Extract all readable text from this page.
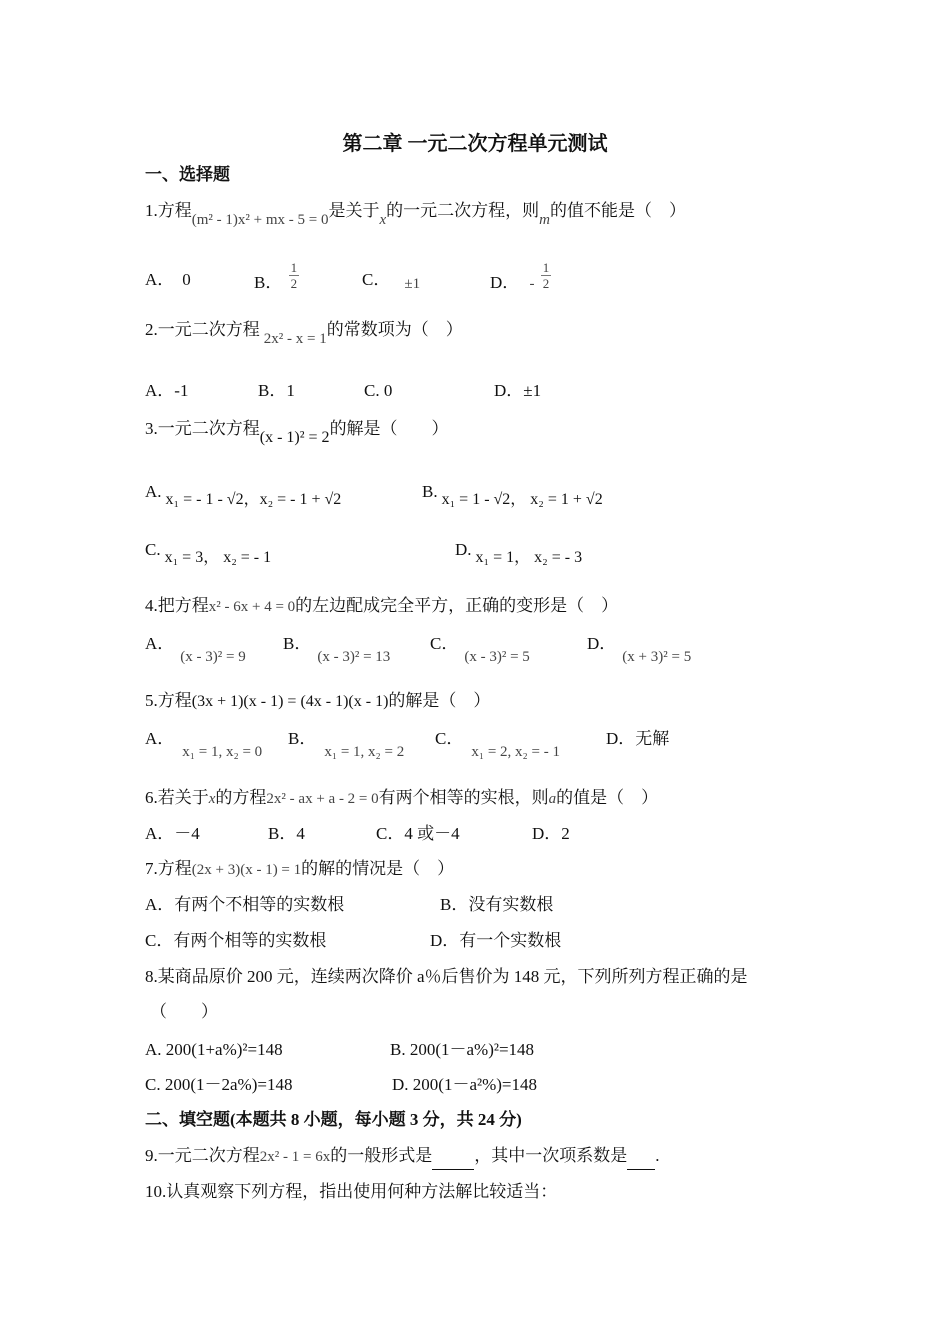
第二章 一元二次方程单元测试
一、选择题
1.方程(m² - 1)x² + mx - 5 = 0是关于x的一元二次方程，则m的值不能是（　）
A． 0	B． $\frac{1}{2}$	C． ±1	D． - $\frac{1}{2}$
2.一元二次方程 2x² - x = 1的常数项为（　）
A．-1	B．1	C. 0	D．±1
3.一元二次方程(x - 1)² = 2的解是（　　）
A. x₁ = - 1 - √2，x₂ = - 1 + √2	B. x₁ = 1 - √2， x₂ = 1 + √2
C. x₁ = 3， x₂ = - 1	D. x₁ = 1， x₂ = - 3
4.把方程x² - 6x + 4 = 0的左边配成完全平方，正确的变形是（　）
A．(x - 3)² = 9
B．(x - 3)² = 13
C．(x - 3)² = 5
D．(x + 3)² = 5
5.方程(3x + 1)(x - 1) = (4x - 1)(x - 1)的解是（　）
A．x₁ = 1, x₂ = 0
B．x₁ = 1, x₂ = 2
C．x₁ = 2, x₂ = - 1
D．无解
6.若关于x的方程2x² - ax + a - 2 = 0有两个相等的实根，则a的值是（　）
A．－4	B．4	C．4 或－4	D．2
7.方程(2x + 3)(x - 1) = 1的解的情况是（　）
A．有两个不相等的实数根	B．没有实数根
C．有两个相等的实数根	D．有一个实数根
8.某商品原价 200 元，连续两次降价 a％后售价为 148 元，下列所列方程正确的是
（　　）
A. 200(1+a%)²=148	B. 200(1－a%)²=148
C. 200(1－2a%)=148	D. 200(1－a²%)=148
二、填空题(本题共 8 小题，每小题 3 分，共 24 分)
9.一元二次方程2x² - 1 = 6x的一般形式是 ，其中一次项系数是 .
10.认真观察下列方程，指出使用何种方法解比较适当：
